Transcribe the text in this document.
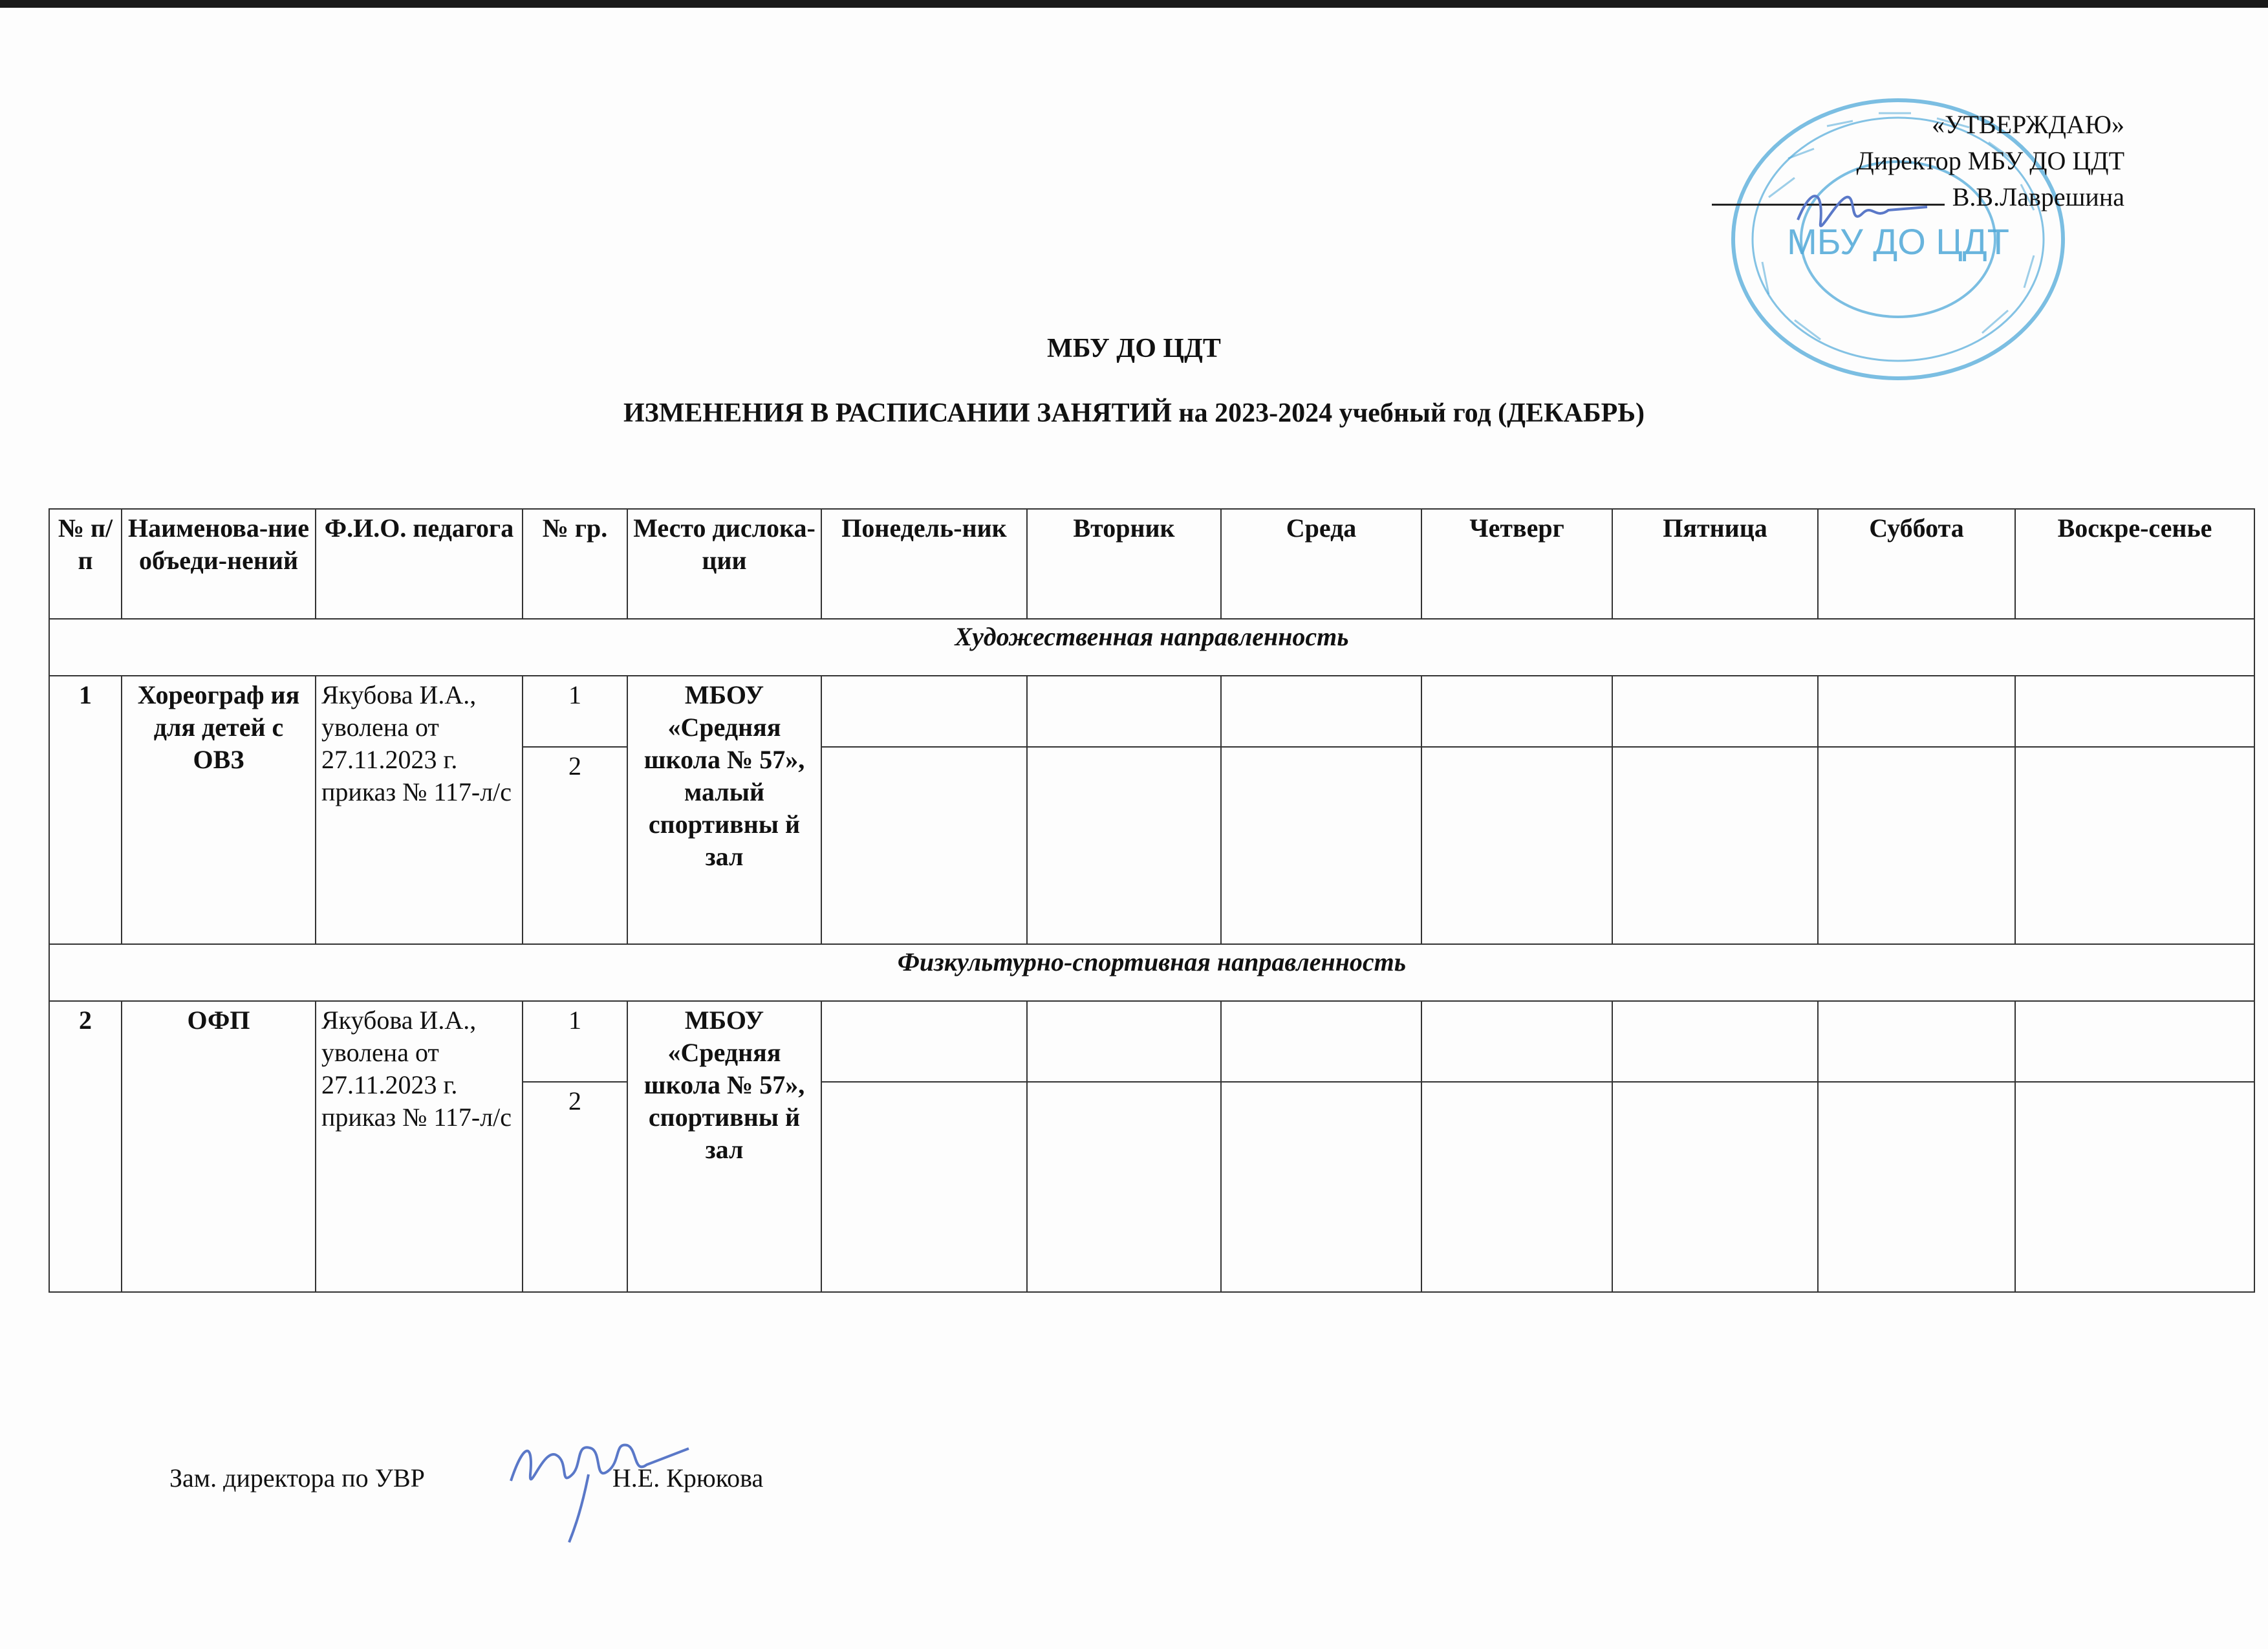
МБУ ДО ЦДТ
«УТВЕРЖДАЮ»
Директор МБУ ДО ЦДТ
В.В.Лаврешина
МБУ ДО ЦДТ
ИЗМЕНЕНИЯ В РАСПИСАНИИ ЗАНЯТИЙ на 2023-2024 учебный год (ДЕКАБРЬ)
№ п/п	Наименова-ние объеди-нений	Ф.И.О. педагога	№ гр.	Место дислока-ции	Понедель-ник	Вторник	Среда	Четверг	Пятница	Суббота	Воскре-сенье
Художественная направленность											
1	Хореограф ия для детей с ОВЗ	Якубова И.А., уволена от 27.11.2023 г. приказ № 117-л/с	1	МБОУ «Средняя школа № 57», малый спортивны й зал							
			2								
Физкультурно-спортивная направленность											
2	ОФП	Якубова И.А., уволена от 27.11.2023 г. приказ № 117-л/с	1	МБОУ «Средняя школа № 57», спортивны й зал							
			2								
Зам. директора по УВР	Н.Е. Крюкова
